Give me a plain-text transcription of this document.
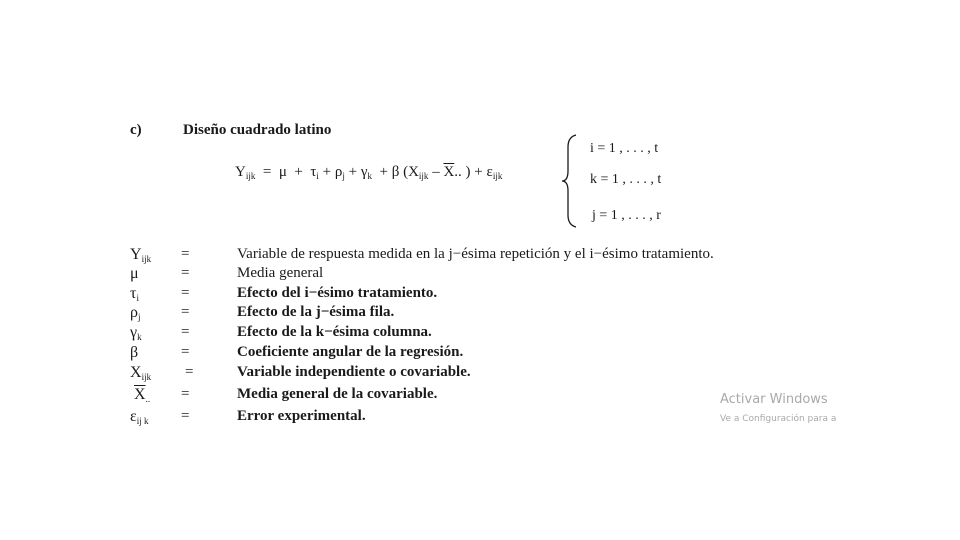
c)	Diseño cuadrado latino
$Y_{ijk} = \mu + \tau_i + \rho_j + \gamma_k + \beta$ ($X_{ijk} - \overline{X}$.. ) + $\varepsilon_{ijk}$
i = 1 , . . . , t
k = 1 , . . . , t
j = 1 , . . . , r
$Y_{ijk}$ =	Variable de respuesta medida en la j−ésima repetición y el i−ésimo tratamiento.
μ	=	Media general
$\tau_i$	=	Efecto del i−ésimo tratamiento.
$\rho_j$	=	Efecto de la j−ésima fila.
$\gamma_k$	=	Efecto de la k−ésima columna.
β	=	Coeficiente angular de la regresión.
$X_{ijk}$ =	Variable independiente o covariable.
$\overline{X}_{..}$ =	Media general de la covariable.
$\varepsilon_{ij k}$ =	Error experimental.
Activar Windows
Ve a Configuración para a
